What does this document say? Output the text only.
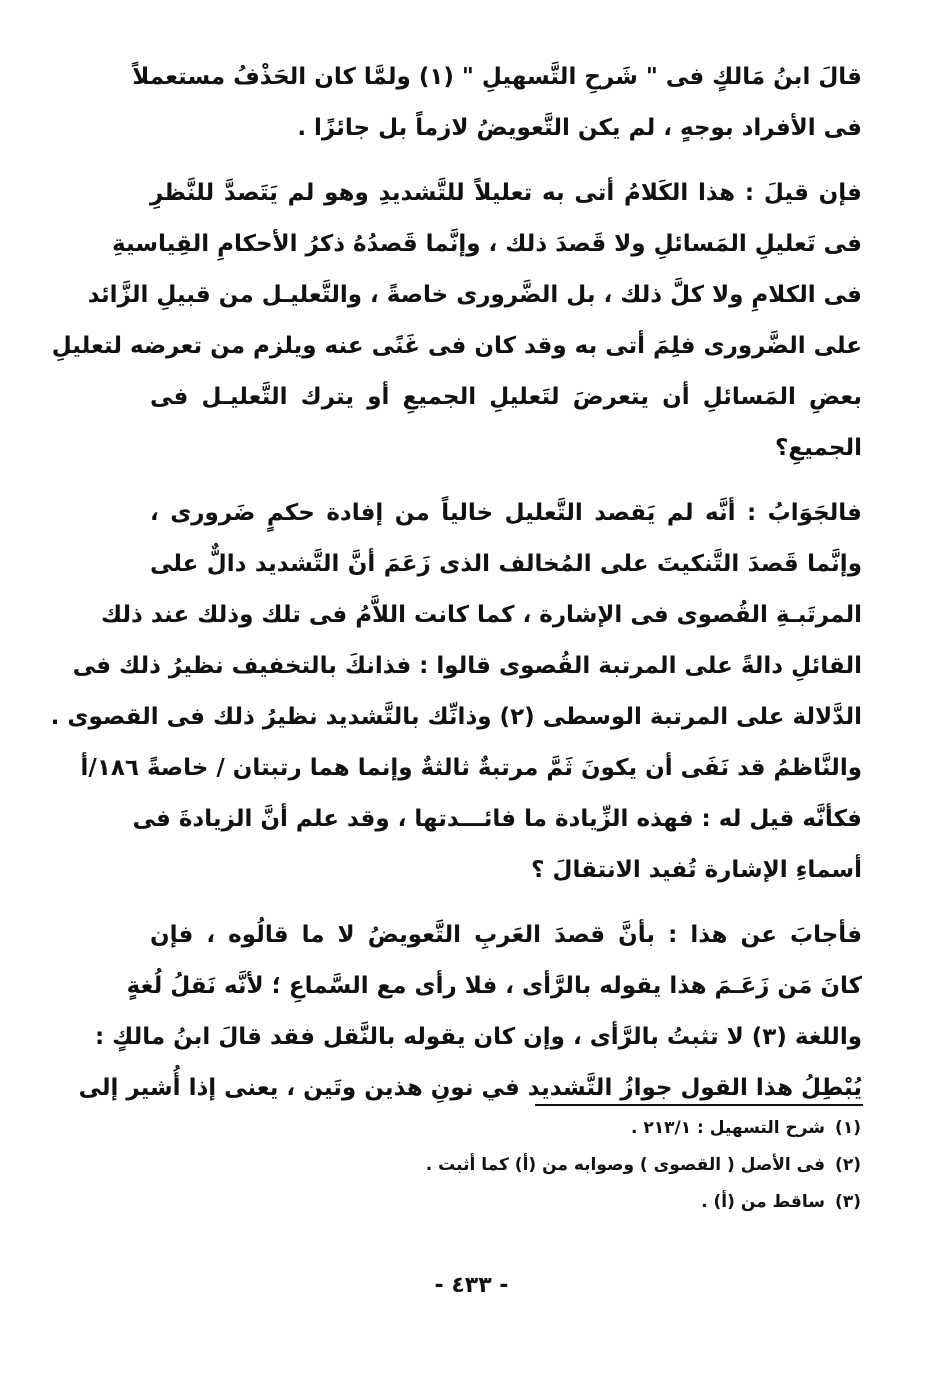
قالَ ابنُ مَالكٍ فى " شَرحِ التَّسهيلِ " (١) ولمَّا كان الحَذْفُ مستعملاً
فى الأفراد بوجهٍ ، لم يكن التَّعويضُ لازماً بل جائزًا .
فإن قيلَ : هذا الكَلامُ أتى به تعليلاً للتَّشديدِ وهو لم يَتَصدَّ للنَّظرِ
فى تَعليلِ المَسائلِ ولا قَصدَ ذلك ، وإنَّما قَصدُهُ ذكرُ الأحكامِ القِياسيةِ
فى الكلامِ ولا كلَّ ذلك ، بل الضَّرورى خاصةً ، والتَّعليـل من قبيلِ الزَّائد
على الضَّرورى فلِمَ أتى به وقد كان فى غَنًى عنه ويلزم من تعرضه لتعليلِ
بعضِ المَسائلِ أن يتعرضَ لتَعليلِ الجميعِ أو يترك التَّعليـل فى
الجميعِ؟
فالجَوَابُ : أنَّه لم يَقصد التَّعليل خالياً من إفادة حكمٍ ضَرورى ،
وإنَّما قَصدَ التَّنكيتَ على المُخالف الذى زَعَمَ أنَّ التَّشديد دالٌّ على
المرتَبـةِ القُصوى فى الإشارة ، كما كانت اللاَّمُ فى تلك وذلك عند ذلك
القائلِ دالةً على المرتبة القُصوى قالوا : فذانكَ بالتخفيف نظيرُ ذلك فى
الدَّلالة على المرتبة الوسطى (٢) وذانِّك بالتَّشديد نظيرُ ذلك فى القصوى .
والنَّاظمُ قد نَفَى أن يكونَ ثَمَّ مرتبةٌ ثالثةٌ وإنما هما رتبتان / خاصةً ١٨٦/أ
فكأنَّه قيل له : فهذه الزِّيادة ما فائـــدتها ، وقد علم أنَّ الزيادةَ فى
أسماءِ الإشارة تُفيد الانتقالَ ؟
فأجابَ عن هذا : بأنَّ قصدَ العَربِ التَّعويضُ لا ما قالُوه ، فإن
كانَ مَن زَعَـمَ هذا يقوله بالرَّأى ، فلا رأى مع السَّماعِ ؛ لأنَّه نَقلُ لُغةٍ
واللغة (٣) لا تثبتُ بالرَّأى ، وإن كان يقوله بالنَّقل فقد قالَ ابنُ مالكٍ :
يُبْطِلُ هذا القول جوازُ التَّشديد في نونِ هذين وتَين ، يعنى إذا أُشير إلى
(١)
شرح التسهيل : ٢١٣/١ .
(٢)
فى الأصل ( القصوى ) وصوابه من (أ) كما أثبت .
(٣)
ساقط من (أ) .
- ٤٣٣ -
